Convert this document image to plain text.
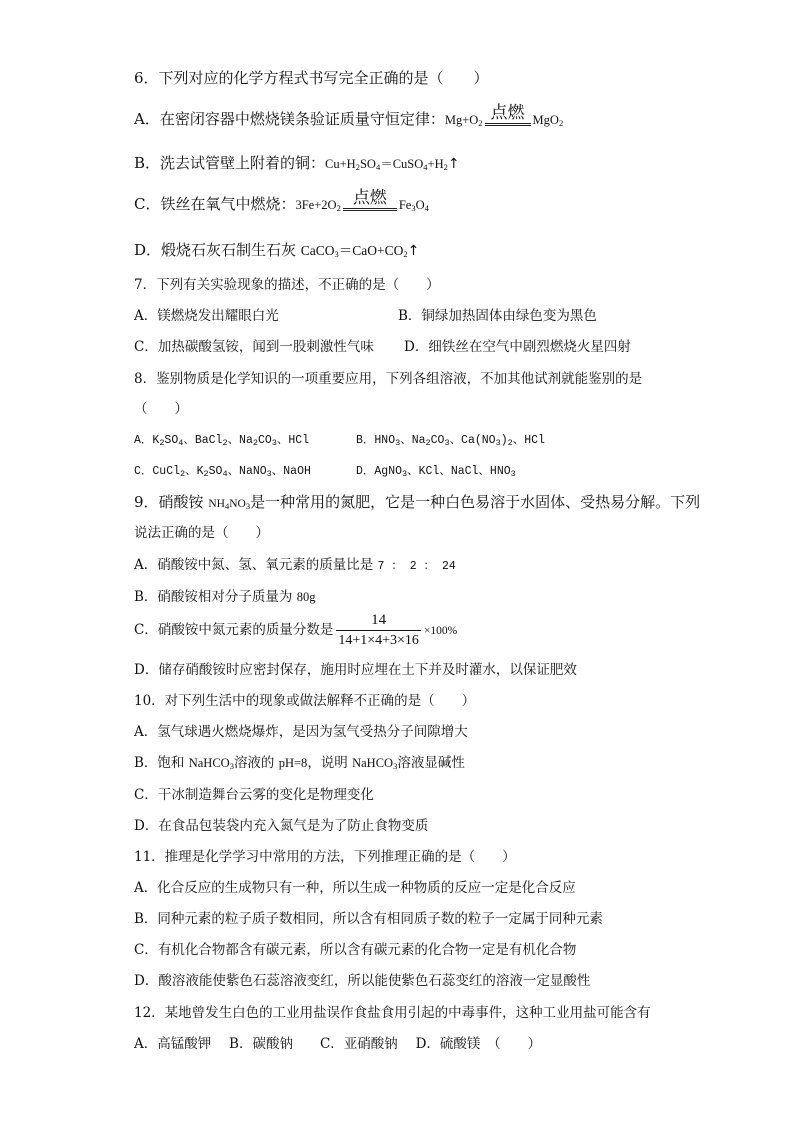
6．下列对应的化学方程式书写完全正确的是（　　）
A．在密闭容器中燃烧镁条验证质量守恒定律：$Mg+O_2$ 点燃 MgO$_2$
B．洗去试管壁上附着的铜：$Cu+H_2SO_4=CuSO_4+H_2↑$
C．铁丝在氧气中燃烧：$3Fe+2O_2$ 点燃 $Fe_3O_4$
D．煅烧石灰石制生石灰 $CaCO_3=CaO+CO_2↑$
7．下列有关实验现象的描述，不正确的是（　　）
A．镁燃烧发出耀眼白光	B．铜绿加热固体由绿色变为黑色
C．加热碳酸氢铵，闻到一股刺激性气味 D．细铁丝在空气中剧烈燃烧火星四射
8．鉴别物质是化学知识的一项重要应用，下列各组溶液，不加其他试剂就能鉴别的是
（　　）
A．$K_2SO_4$、BaCl$_2$、$Na_2CO_3$、HCl	B．$HNO_3$、$Na_2CO_3$、$Ca(NO_3)_2$、HCl
C．CuCl$_2$、$K_2SO_4$、NaNO$_3$、NaOH	D．AgNO$_3$、KCl、NaCl、$HNO_3$
9．硝酸铵 $NH_4NO_3$是一种常用的氮肥，它是一种白色易溶于水固体、受热易分解。下列
说法正确的是（　　）
A．硝酸铵中氮、氢、氧元素的质量比是 7 ： 2 ： 24
B．硝酸铵相对分子质量为 80g
C．硝酸铵中氮元素的质量分数是 $\frac{14}{14+1\times 4+3\times 16} \times 100\%$
D．储存硝酸铵时应密封保存，施用时应埋在土下并及时灌水，以保证肥效
10．对下列生活中的现象或做法解释不正确的是（　　）
A．氢气球遇火燃烧爆炸，是因为氢气受热分子间隙增大
B．饱和 NaHCO$_3$溶液的 pH=8，说明 NaHCO$_3$溶液显碱性
C．干冰制造舞台云雾的变化是物理变化
D．在食品包装袋内充入氮气是为了防止食物变质
11．推理是化学学习中常用的方法，下列推理正确的是（　　）
A．化合反应的生成物只有一种，所以生成一种物质的反应一定是化合反应
B．同种元素的粒子质子数相同，所以含有相同质子数的粒子一定属于同种元素
C．有机化合物都含有碳元素，所以含有碳元素的化合物一定是有机化合物
D．酸溶液能使紫色石蕊溶液变红，所以能使紫色石蕊变红的溶液一定显酸性
12．某地曾发生白色的工业用盐误作食盐食用引起的中毒事件，这种工业用盐可能含有
A．高锰酸钾　 B．碳酸钠　　C．亚硝酸钠　 D．硫酸镁　（　　）
